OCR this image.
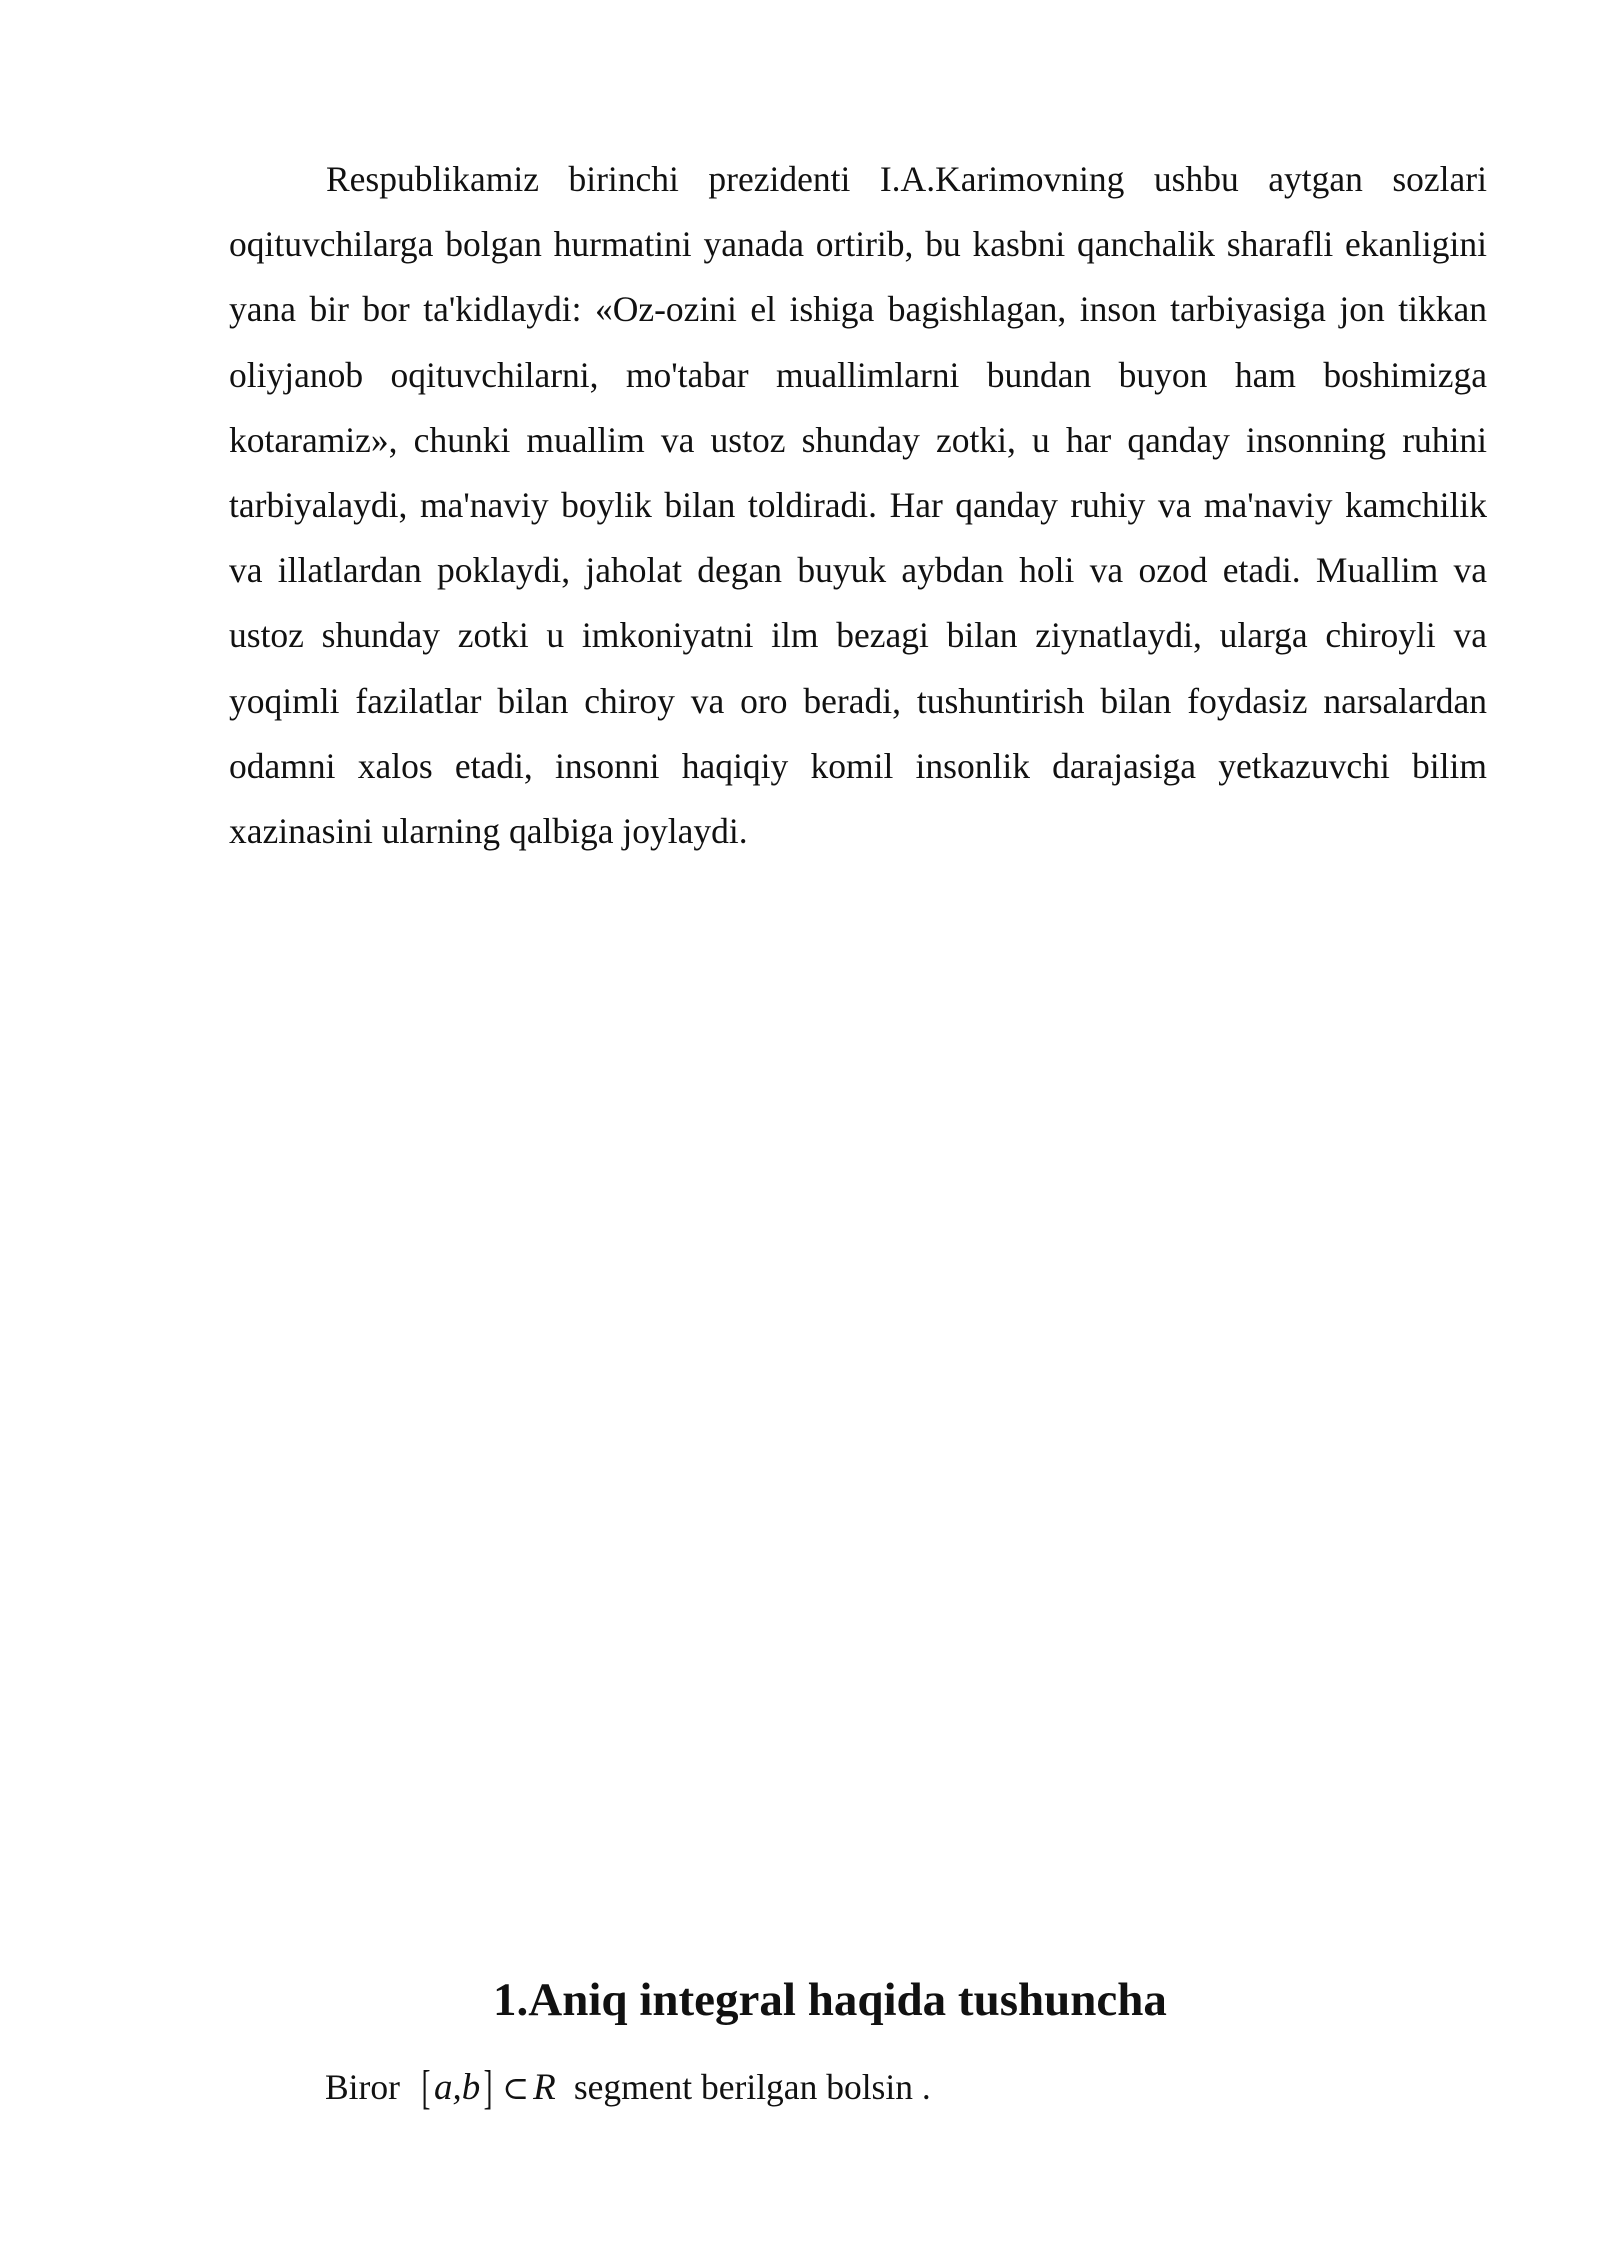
Respublikamiz birinchi prezidenti I.A.Karimovning ushbu aytgan sozlari oqituvchilarga bolgan hurmatini yanada ortirib, bu kasbni qanchalik sharafli ekanligini yana bir bor ta'kidlaydi: «Oz-ozini el ishiga bagishlagan, inson tarbiyasiga jon tikkan oliyjanob oqituvchilarni, mo'tabar muallimlarni bundan buyon ham boshimizga kotaramiz», chunki muallim va ustoz shunday zotki, u har qanday insonning ruhini tarbiyalaydi, ma'naviy boylik bilan toldiradi. Har qanday ruhiy va ma'naviy kamchilik va illatlardan poklaydi, jaholat degan buyuk aybdan holi va ozod etadi. Muallim va ustoz shunday zotki u imkoniyatni ilm bezagi bilan ziynatlaydi, ularga chiroyli va yoqimli fazilatlar bilan chiroy va oro beradi, tushuntirish bilan foydasiz narsalardan odamni xalos etadi, insonni haqiqiy komil insonlik darajasiga yetkazuvchi bilim xazinasini ularning qalbiga joylaydi.

1.Aniq integral haqida tushuncha

Biror [a,b] ⊂ R segment berilgan bolsin .
